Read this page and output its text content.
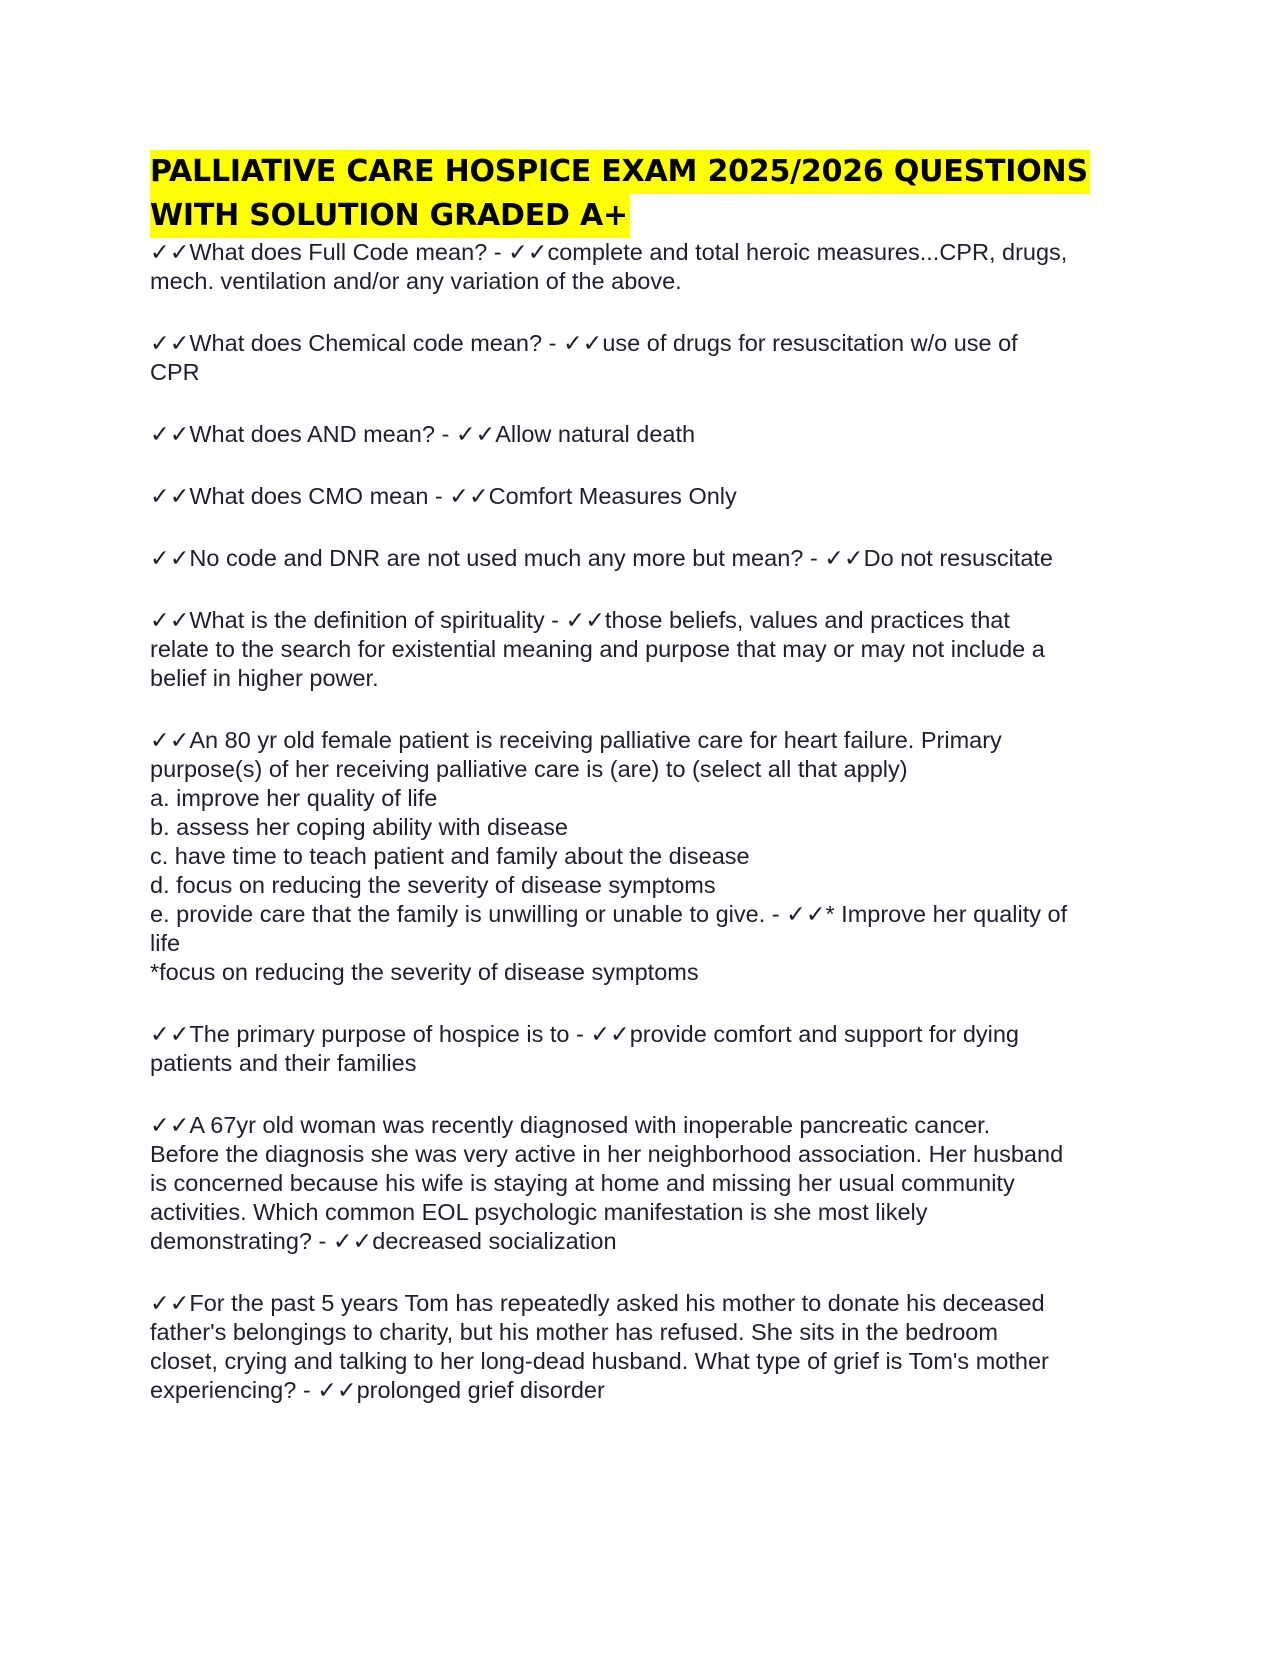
PALLIATIVE CARE HOSPICE EXAM 2025/2026 QUESTIONS
WITH SOLUTION GRADED A+
✓✓What does Full Code mean? - ✓✓complete and total heroic measures...CPR, drugs,
mech. ventilation and/or any variation of the above.
✓✓What does Chemical code mean? - ✓✓use of drugs for resuscitation w/o use of
CPR
✓✓What does AND mean? - ✓✓Allow natural death
✓✓What does CMO mean - ✓✓Comfort Measures Only
✓✓No code and DNR are not used much any more but mean? - ✓✓Do not resuscitate
✓✓What is the definition of spirituality - ✓✓those beliefs, values and practices that
relate to the search for existential meaning and purpose that may or may not include a
belief in higher power.
✓✓An 80 yr old female patient is receiving palliative care for heart failure. Primary
purpose(s) of her receiving palliative care is (are) to (select all that apply)
a. improve her quality of life
b. assess her coping ability with disease
c. have time to teach patient and family about the disease
d. focus on reducing the severity of disease symptoms
e. provide care that the family is unwilling or unable to give. - ✓✓* Improve her quality of
life
*focus on reducing the severity of disease symptoms
✓✓The primary purpose of hospice is to - ✓✓provide comfort and support for dying
patients and their families
✓✓A 67yr old woman was recently diagnosed with inoperable pancreatic cancer.
Before the diagnosis she was very active in her neighborhood association. Her husband
is concerned because his wife is staying at home and missing her usual community
activities. Which common EOL psychologic manifestation is she most likely
demonstrating? - ✓✓decreased socialization
✓✓For the past 5 years Tom has repeatedly asked his mother to donate his deceased
father's belongings to charity, but his mother has refused. She sits in the bedroom
closet, crying and talking to her long-dead husband. What type of grief is Tom's mother
experiencing? - ✓✓prolonged grief disorder
